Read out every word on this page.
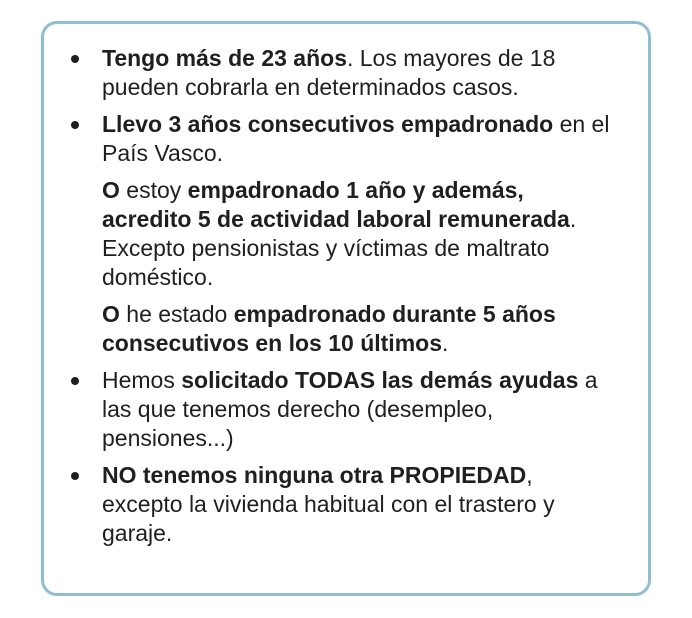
Tengo más de 23 años. Los mayores de 18 pueden cobrarla en determinados casos.

Llevo 3 años consecutivos empadronado en el País Vasco.

O estoy empadronado 1 año y además, acredito 5 de actividad laboral remunerada. Excepto pensionistas y víctimas de maltrato doméstico.

O he estado empadronado durante 5 años consecutivos en los 10 últimos.

Hemos solicitado TODAS las demás ayudas a las que tenemos derecho (desempleo, pensiones...)

NO tenemos ninguna otra PROPIEDAD, excepto la vivienda habitual con el trastero y garaje.
